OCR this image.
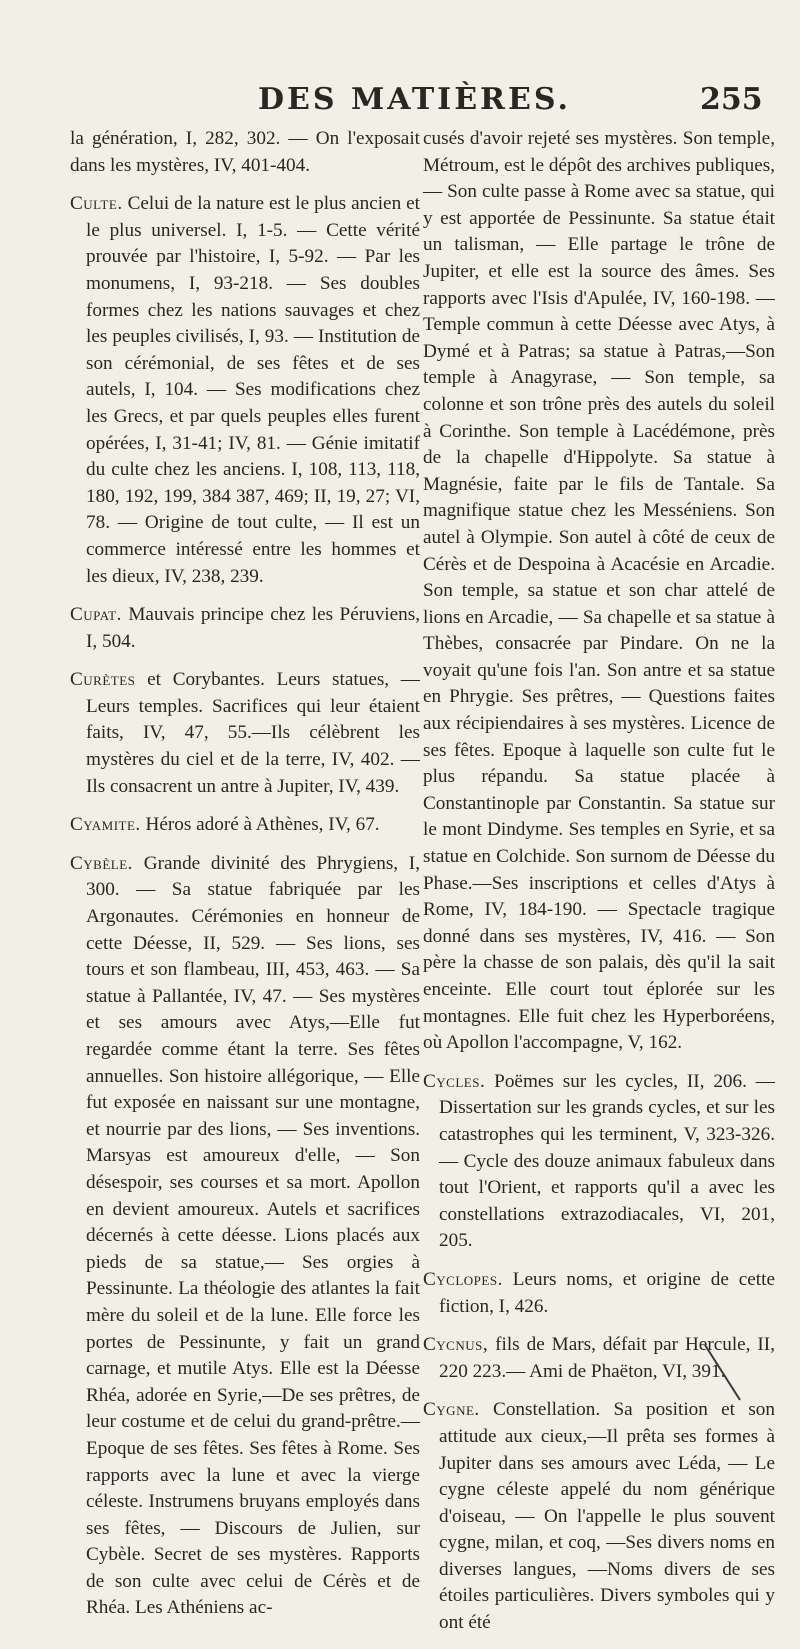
DES MATIÈRES.	255

la génération, I, 282, 302. — On l'exposait dans les mystères, IV, 401-404.

Culte. Celui de la nature est le plus ancien et le plus universel. I, 1-5. — Cette vérité prouvée par l'histoire, I, 5-92. — Par les monumens, I, 93-218. — Ses doubles formes chez les nations sauvages et chez les peuples civilisés, I, 93. — Institution de son cérémonial, de ses fêtes et de ses autels, I, 104. — Ses modifications chez les Grecs, et par quels peuples elles furent opérées, I, 31-41; IV, 81. — Génie imitatif du culte chez les anciens. I, 108, 113, 118, 180, 192, 199, 384 387, 469; II, 19, 27; VI, 78. — Origine de tout culte, — Il est un commerce intéressé entre les hommes et les dieux, IV, 238, 239.

Cupat. Mauvais principe chez les Péruviens, I, 504.

Curètes et Corybantes. Leurs statues, — Leurs temples. Sacrifices qui leur étaient faits, IV, 47, 55.—Ils célèbrent les mystères du ciel et de la terre, IV, 402. — Ils consacrent un antre à Jupiter, IV, 439.

Cyamite. Héros adoré à Athènes, IV, 67.

Cybèle. Grande divinité des Phrygiens, I, 300. — Sa statue fabriquée par les Argonautes. Cérémonies en honneur de cette Déesse, II, 529. — Ses lions, ses tours et son flambeau, III, 453, 463. — Sa statue à Pallantée, IV, 47. — Ses mystères et ses amours avec Atys,—Elle fut regardée comme étant la terre. Ses fêtes annuelles. Son histoire allégorique, — Elle fut exposée en naissant sur une montagne, et nourrie par des lions, — Ses inventions. Marsyas est amoureux d'elle, — Son désespoir, ses courses et sa mort. Apollon en devient amoureux. Autels et sacrifices décernés à cette déesse. Lions placés aux pieds de sa statue,— Ses orgies à Pessinunte. La théologie des atlantes la fait mère du soleil et de la lune. Elle force les portes de Pessinunte, y fait un grand carnage, et mutile Atys. Elle est la Déesse Rhéa, adorée en Syrie,—De ses prêtres, de leur costume et de celui du grand-prêtre.—Epoque de ses fêtes. Ses fêtes à Rome. Ses rapports avec la lune et avec la vierge céleste. Instrumens bruyans employés dans ses fêtes, — Discours de Julien, sur Cybèle. Secret de ses mystères. Rapports de son culte avec celui de Cérès et de Rhéa. Les Athéniens ac-

cusés d'avoir rejeté ses mystères. Son temple, Métroum, est le dépôt des archives publiques, — Son culte passe à Rome avec sa statue, qui y est apportée de Pessinunte. Sa statue était un talisman, — Elle partage le trône de Jupiter, et elle est la source des âmes. Ses rapports avec l'Isis d'Apulée, IV, 160-198. — Temple commun à cette Déesse avec Atys, à Dymé et à Patras; sa statue à Patras,—Son temple à Anagyrase, — Son temple, sa colonne et son trône près des autels du soleil à Corinthe. Son temple à Lacédémone, près de la chapelle d'Hippolyte. Sa statue à Magnésie, faite par le fils de Tantale. Sa magnifique statue chez les Messéniens. Son autel à Olympie. Son autel à côté de ceux de Cérès et de Despoina à Acacésie en Arcadie. Son temple, sa statue et son char attelé de lions en Arcadie, — Sa chapelle et sa statue à Thèbes, consacrée par Pindare. On ne la voyait qu'une fois l'an. Son antre et sa statue en Phrygie. Ses prêtres, — Questions faites aux récipiendaires à ses mystères. Licence de ses fêtes. Epoque à laquelle son culte fut le plus répandu. Sa statue placée à Constantinople par Constantin. Sa statue sur le mont Dindyme. Ses temples en Syrie, et sa statue en Colchide. Son surnom de Déesse du Phase.—Ses inscriptions et celles d'Atys à Rome, IV, 184-190. — Spectacle tragique donné dans ses mystères, IV, 416. — Son père la chasse de son palais, dès qu'il la sait enceinte. Elle court tout éplorée sur les montagnes. Elle fuit chez les Hyperboréens, où Apollon l'accompagne, V, 162.

Cycles. Poëmes sur les cycles, II, 206. — Dissertation sur les grands cycles, et sur les catastrophes qui les terminent, V, 323-326. — Cycle des douze animaux fabuleux dans tout l'Orient, et rapports qu'il a avec les constellations extrazodiacales, VI, 201, 205.

Cyclopes. Leurs noms, et origine de cette fiction, I, 426.

Cycnus, fils de Mars, défait par Hercule, II, 220 223.— Ami de Phaëton, VI, 391.

Cygne. Constellation. Sa position et son attitude aux cieux,—Il prêta ses formes à Jupiter dans ses amours avec Léda, — Le cygne céleste appelé du nom générique d'oiseau, — On l'appelle le plus souvent cygne, milan, et coq, —Ses divers noms en diverses langues, —Noms divers de ses étoiles particulières. Divers symboles qui y ont été
